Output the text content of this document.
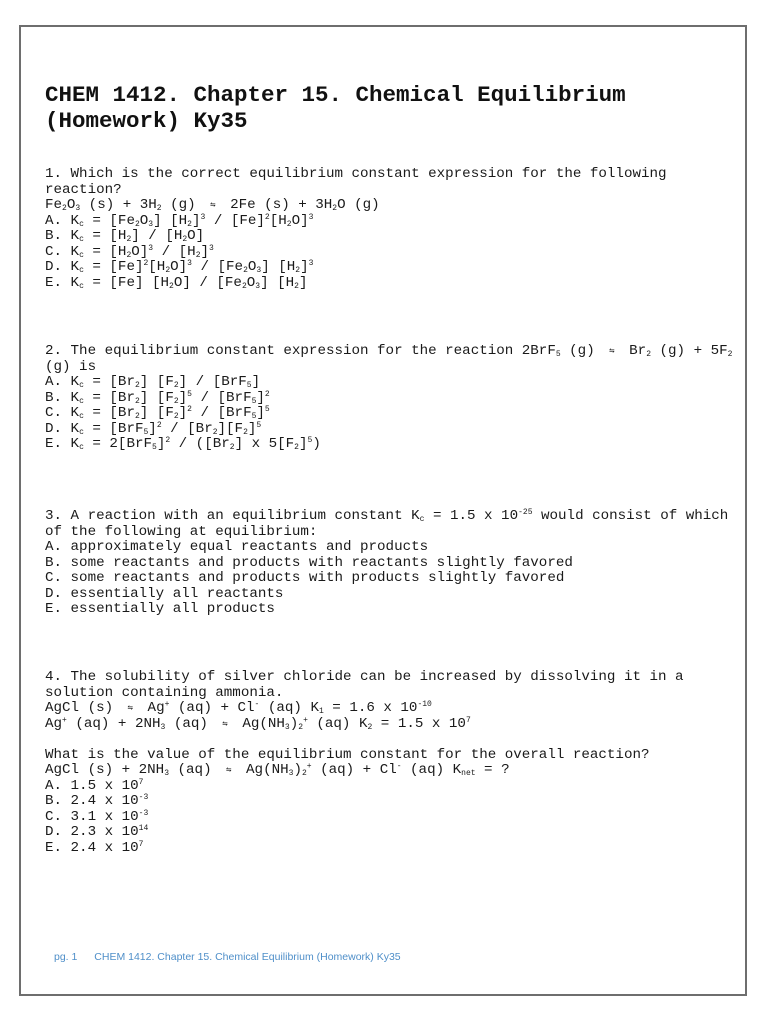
CHEM 1412. Chapter 15. Chemical Equilibrium
(Homework) Ky35
1. Which is the correct equilibrium constant expression for the following reaction?
$Fe_2O_3$ $(s) + 3H_2$ (g) ⇋ 2Fe $(s) + 3H_2O$ (g)
A. $K_c = [Fe_2O_3]$ $[H_2]^3 / [Fe]^2[H_2O]^3$
B. $K_c = [H_2] / [H_2O]$
C. $K_c = [H_2O]^3 / [H_2]^3$
D. $K_c = [Fe]^2[H_2O]^3 / [Fe_2O_3]$ $[H_2]^3$
E. $K_c = [Fe]$ $[H_2O] / [Fe_2O_3]$ $[H_2]$
2. The equilibrium constant expression for the reaction 2BrF$_5$ (g) ⇋ $Br_2$ $(g) + 5F_2$ (g) is
A. $K_c = [Br_2]$ $[F_2] / [BrF_5]$
B. $K_c = [Br_2]$ $[F_2]^5 / [BrF_5]^2$
C. $K_c = [Br_2]$ $[F_2]^2 / [BrF_5]^5$
D. $K_c = [BrF_5]^2 / [Br_2][F_2]^5$
E. $K_c = 2[BrF_5]^2 / ([Br_2]$ x $5[F_2]^5$)
3. A reaction with an equilibrium constant $K_c = 1.5$ x $10^{-25}$ would consist of which of the following at equilibrium:
A. approximately equal reactants and products
B. some reactants and products with reactants slightly favored
C. some reactants and products with products slightly favored
D. essentially all reactants
E. essentially all products
4. The solubility of silver chloride can be increased by dissolving it in a solution containing ammonia.
AgCl (s) ⇋ Ag+ (aq) + Cl- (aq) $K_1 = 1.6$ x $10^{-10}$
Ag+ $(aq) + 2NH_3$ (aq) ⇋ $Ag(NH_3)_2^+$ (aq) $K_2 = 1.5$ x $10^7$
What is the value of the equilibrium constant for the overall reaction?
AgCl $(s) + 2NH_3$ (aq) ⇋ $Ag(NH_3)_2^+$ (aq) + Cl- (aq) $K_{net}$ = ?
A. 1.5 x $10^7$
B. 2.4 x $10^{-3}$
C. 3.1 x $10^{-3}$
D. 2.3 x $10^{14}$
E. 2.4 x $10^7$
pg. 1 CHEM 1412. Chapter 15. Chemical Equilibrium (Homework) Ky35
